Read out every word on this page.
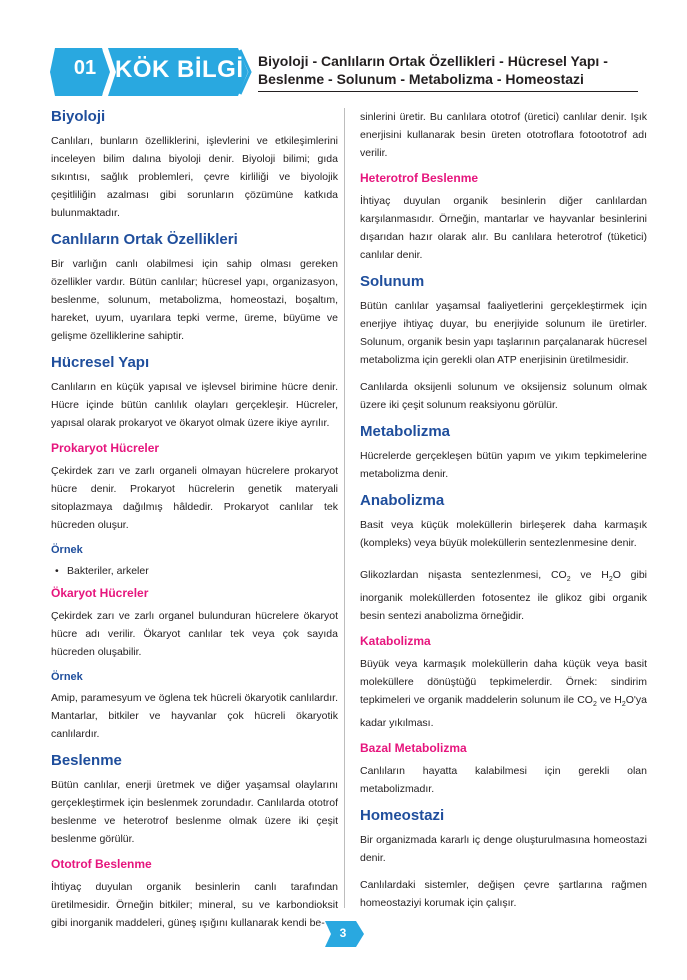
01 KÖK BİLGİ Biyoloji - Canlıların Ortak Özellikleri - Hücresel Yapı -
Beslenme - Solunum - Metabolizma - Homeostazi
Biyoloji

Canlıları, bunların özelliklerini, işlevlerini ve etkileşimlerini inceleyen bilim dalına biyoloji denir. Biyoloji bilimi; gıda sıkıntısı, sağlık problemleri, çevre kirliliği ve biyolojik çeşitliliğin azalması gibi sorunların çözümüne katkıda bulunmaktadır.

Canlıların Ortak Özellikleri

Bir varlığın canlı olabilmesi için sahip olması gereken özellikler vardır. Bütün canlılar; hücresel yapı, organizasyon, beslenme, solunum, metabolizma, homeostazi, boşaltım, hareket, uyum, uyarılara tepki verme, üreme, büyüme ve gelişme özelliklerine sahiptir.

Hücresel Yapı

Canlıların en küçük yapısal ve işlevsel birimine hücre denir. Hücre içinde bütün canlılık olayları gerçekleşir. Hücreler, yapısal olarak prokaryot ve ökaryot olmak üzere ikiye ayrılır.

Prokaryot Hücreler

Çekirdek zarı ve zarlı organeli olmayan hücrelere prokaryot hücre denir. Prokaryot hücrelerin genetik materyali sitoplazmaya dağılmış hâldedir. Prokaryot canlılar tek hücreden oluşur.

Örnek
• Bakteriler, arkeler
Ökaryot Hücreler

Çekirdek zarı ve zarlı organel bulunduran hücrelere ökaryot hücre adı verilir. Ökaryot canlılar tek veya çok sayıda hücreden oluşabilir.

Örnek

Amip, paramesyum ve öglena tek hücreli ökaryotik canlılardır. Mantarlar, bitkiler ve hayvanlar çok hücreli ökaryotik canlılardır.

Beslenme

Bütün canlılar, enerji üretmek ve diğer yaşamsal olaylarını gerçekleştirmek için beslenmek zorundadır. Canlılarda ototrof beslenme ve heterotrof beslenme olmak üzere iki çeşit beslenme görülür.

Ototrof Beslenme

İhtiyaç duyulan organik besinlerin canlı tarafından üretilmesidir. Örneğin bitkiler; mineral, su ve karbondioksit gibi inorganik maddeleri, güneş ışığını kullanarak kendi be-

sinlerini üretir. Bu canlılara ototrof (üretici) canlılar denir. Işık enerjisini kullanarak besin üreten ototroflara fotoototrof adı verilir.

Heterotrof Beslenme

İhtiyaç duyulan organik besinlerin diğer canlılardan karşılanmasıdır. Örneğin, mantarlar ve hayvanlar besinlerini dışarıdan hazır olarak alır. Bu canlılara heterotrof (tüketici) canlılar denir.

Solunum

Bütün canlılar yaşamsal faaliyetlerini gerçekleştirmek için enerjiye ihtiyaç duyar, bu enerjiyide solunum ile üretirler. Solunum, organik besin yapı taşlarının parçalanarak hücresel metabolizma için gerekli olan ATP enerjisinin üretilmesidir.

Canlılarda oksijenli solunum ve oksijensiz solunum olmak üzere iki çeşit solunum reaksiyonu görülür.

Metabolizma

Hücrelerde gerçekleşen bütün yapım ve yıkım tepkimelerine metabolizma denir.

Anabolizma

Basit veya küçük moleküllerin birleşerek daha karmaşık (kompleks) veya büyük moleküllerin sentezlenmesine denir.

Glikozlardan nişasta sentezlenmesi, $CO_2$ ve $H_2O$ gibi inorganik moleküllerden fotosentez ile glikoz gibi organik besin sentezi anabolizma örneğidir.

Katabolizma

Büyük veya karmaşık moleküllerin daha küçük veya basit moleküllere dönüştüğü tepkimelerdir. Örnek: sindirim tepkimeleri ve organik maddelerin solunum ile $CO_2$ ve $H_2O'ya$ kadar yıkılması.

Bazal Metabolizma

Canlıların hayatta kalabilmesi için gerekli olan metabolizmadır.

Homeostazi

Bir organizmada kararlı iç denge oluşturulmasına homeostazi denir.

Canlılardaki sistemler, değişen çevre şartlarına rağmen homeostaziyi korumak için çalışır.

3
